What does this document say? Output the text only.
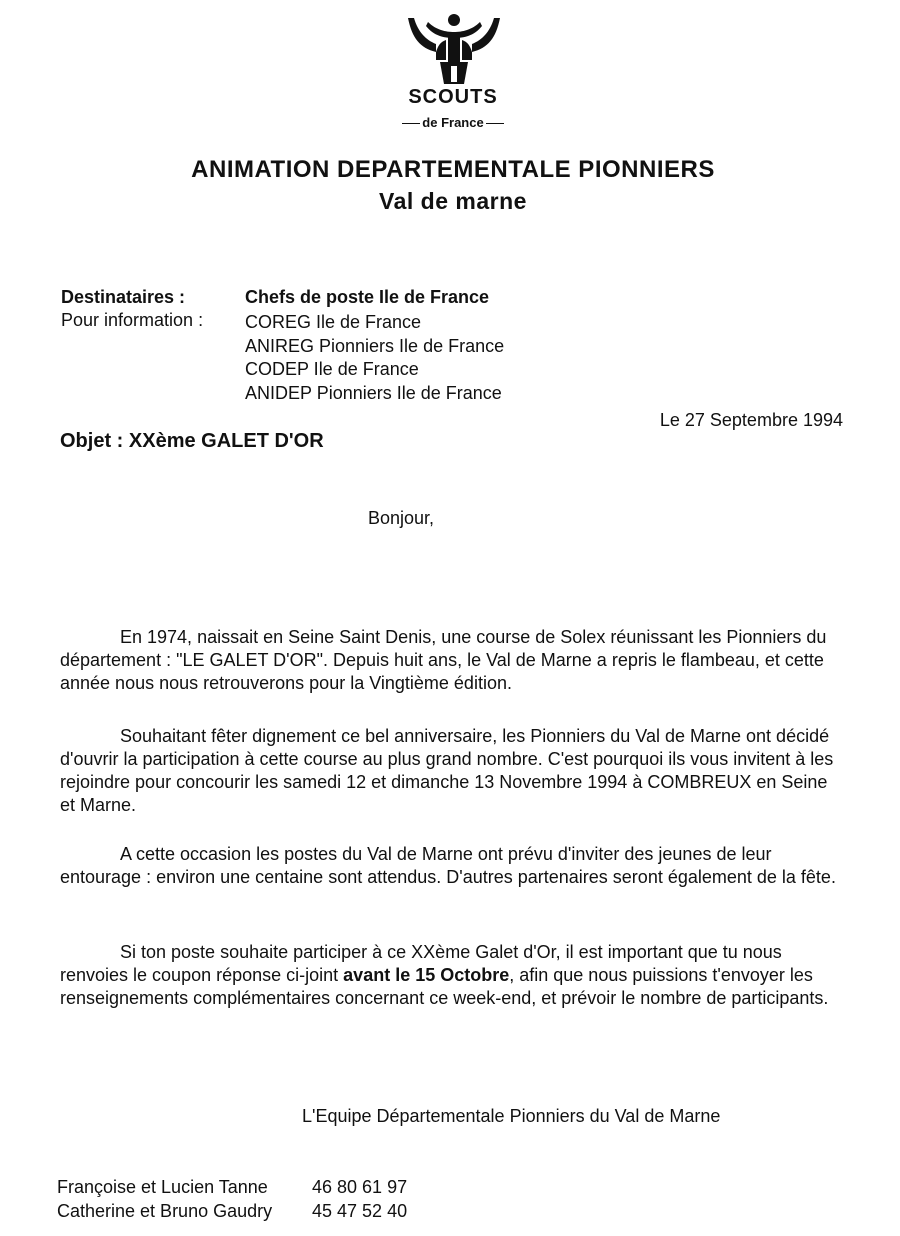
SCOUTS
de France
ANIMATION DEPARTEMENTALE PIONNIERS
Val de marne
Destinataires :	Chefs de poste Ile de France
Pour information : COREG Ile de France
ANIREG Pionniers Ile de France
CODEP Ile de France
ANIDEP Pionniers Ile de France
Le 27 Septembre 1994
Objet : XXème GALET D'OR
Bonjour,

En 1974, naissait en Seine Saint Denis, une course de Solex réunissant les Pionniers du département : "LE GALET D'OR". Depuis huit ans, le Val de Marne a repris le flambeau, et cette année nous nous retrouverons pour la Vingtième édition.

Souhaitant fêter dignement ce bel anniversaire, les Pionniers du Val de Marne ont décidé d'ouvrir la participation à cette course au plus grand nombre. C'est pourquoi ils vous invitent à les rejoindre pour concourir les samedi 12 et dimanche 13 Novembre 1994 à COMBREUX en Seine et Marne.

A cette occasion les postes du Val de Marne ont prévu d'inviter des jeunes de leur entourage : environ une centaine sont attendus. D'autres partenaires seront également de la fête.

Si ton poste souhaite participer à ce XXème Galet d'Or, il est important que tu nous renvoies le coupon réponse ci-joint avant le 15 Octobre, afin que nous puissions t'envoyer les renseignements complémentaires concernant ce week-end, et prévoir le nombre de participants.

L'Equipe Départementale Pionniers du Val de Marne
Françoise et Lucien Tanne 46 80 61 97
Catherine et Bruno Gaudry 45 47 52 40
